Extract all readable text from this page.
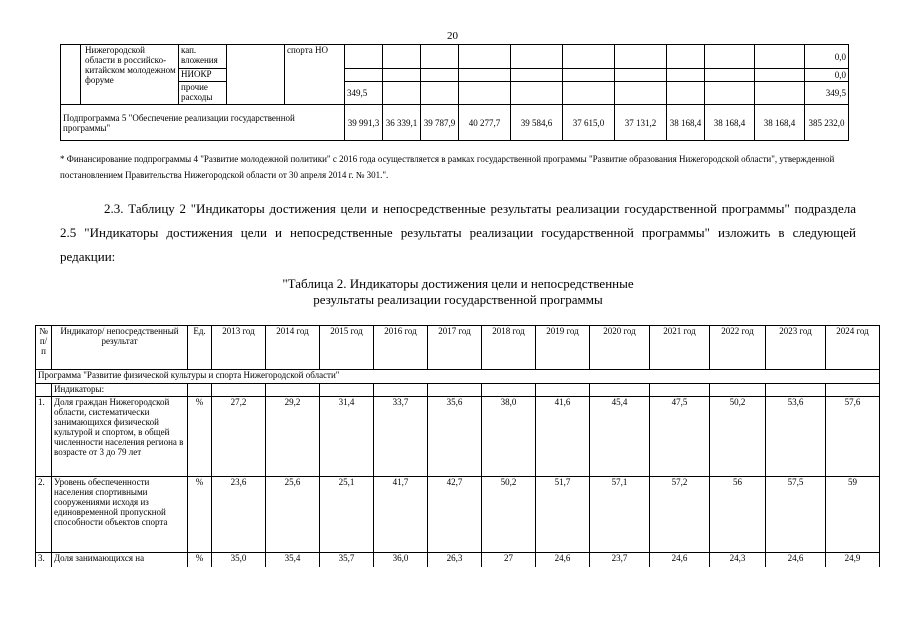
20
	Нижегородской области в российско-китайском молодежном форуме	кап. вложения		спорта НО											0,0
		НИОКР													0,0
		прочие расходы			349,5										349,5
Подпрограмма 5 "Обеспечение реализации государственной программы"					39 991,3	36 339,1	39 787,9	40 277,7	39 584,6	37 615,0	37 131,2	38 168,4	38 168,4	38 168,4	385 232,0
* Финансирование подпрограммы 4 "Развитие молодежной политики" с 2016 года осуществляется в рамках государственной программы "Развитие образования Нижегородской области", утвержденной постановлением Правительства Нижегородской области от 30 апреля 2014 г. № 301.".
2.3. Таблицу 2 "Индикаторы достижения цели и непосредственные результаты реализации государственной программы" подраздела 2.5 "Индикаторы достижения цели и непосредственные результаты реализации государственной программы" изложить в следующей редакции:
"Таблица 2. Индикаторы достижения цели и непосредственные
результаты реализации государственной программы
№ п/п	Индикатор/ непосредственный результат	Ед.	2013 год	2014 год	2015 год	2016 год	2017 год	2018 год	2019 год	2020 год	2021 год	2022 год	2023 год	2024 год
Программа "Развитие физической культуры и спорта Нижегородской области"														
	Индикаторы:													
1.	Доля граждан Нижегородской области, систематически занимающихся физической культурой и спортом, в общей численности населения региона в возрасте от 3 до 79 лет	%	27,2	29,2	31,4	33,7	35,6	38,0	41,6	45,4	47,5	50,2	53,6	57,6
2.	Уровень обеспеченности населения спортивными сооружениями исходя из единовременной пропускной способности объектов спорта	%	23,6	25,6	25,1	41,7	42,7	50,2	51,7	57,1	57,2	56	57,5	59
3.	Доля занимающихся на	%	35,0	35,4	35,7	36,0	26,3	27	24,6	23,7	24,6	24,3	24,6	24,9
